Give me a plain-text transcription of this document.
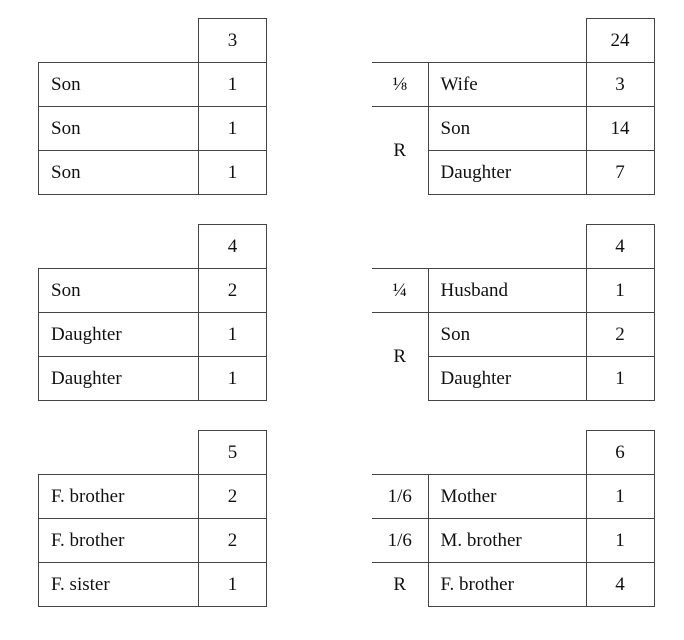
	3
Son	1
Son	1
Son	1
		24
⅛	Wife	3
R	Son	14
	Daughter	7
	4
Son	2
Daughter	1
Daughter	1
		4
¼	Husband	1
R	Son	2
	Daughter	1
	5
F. brother	2
F. brother	2
F. sister	1
		6
1/6	Mother	1
1/6	M. brother	1
R	F. brother	4
